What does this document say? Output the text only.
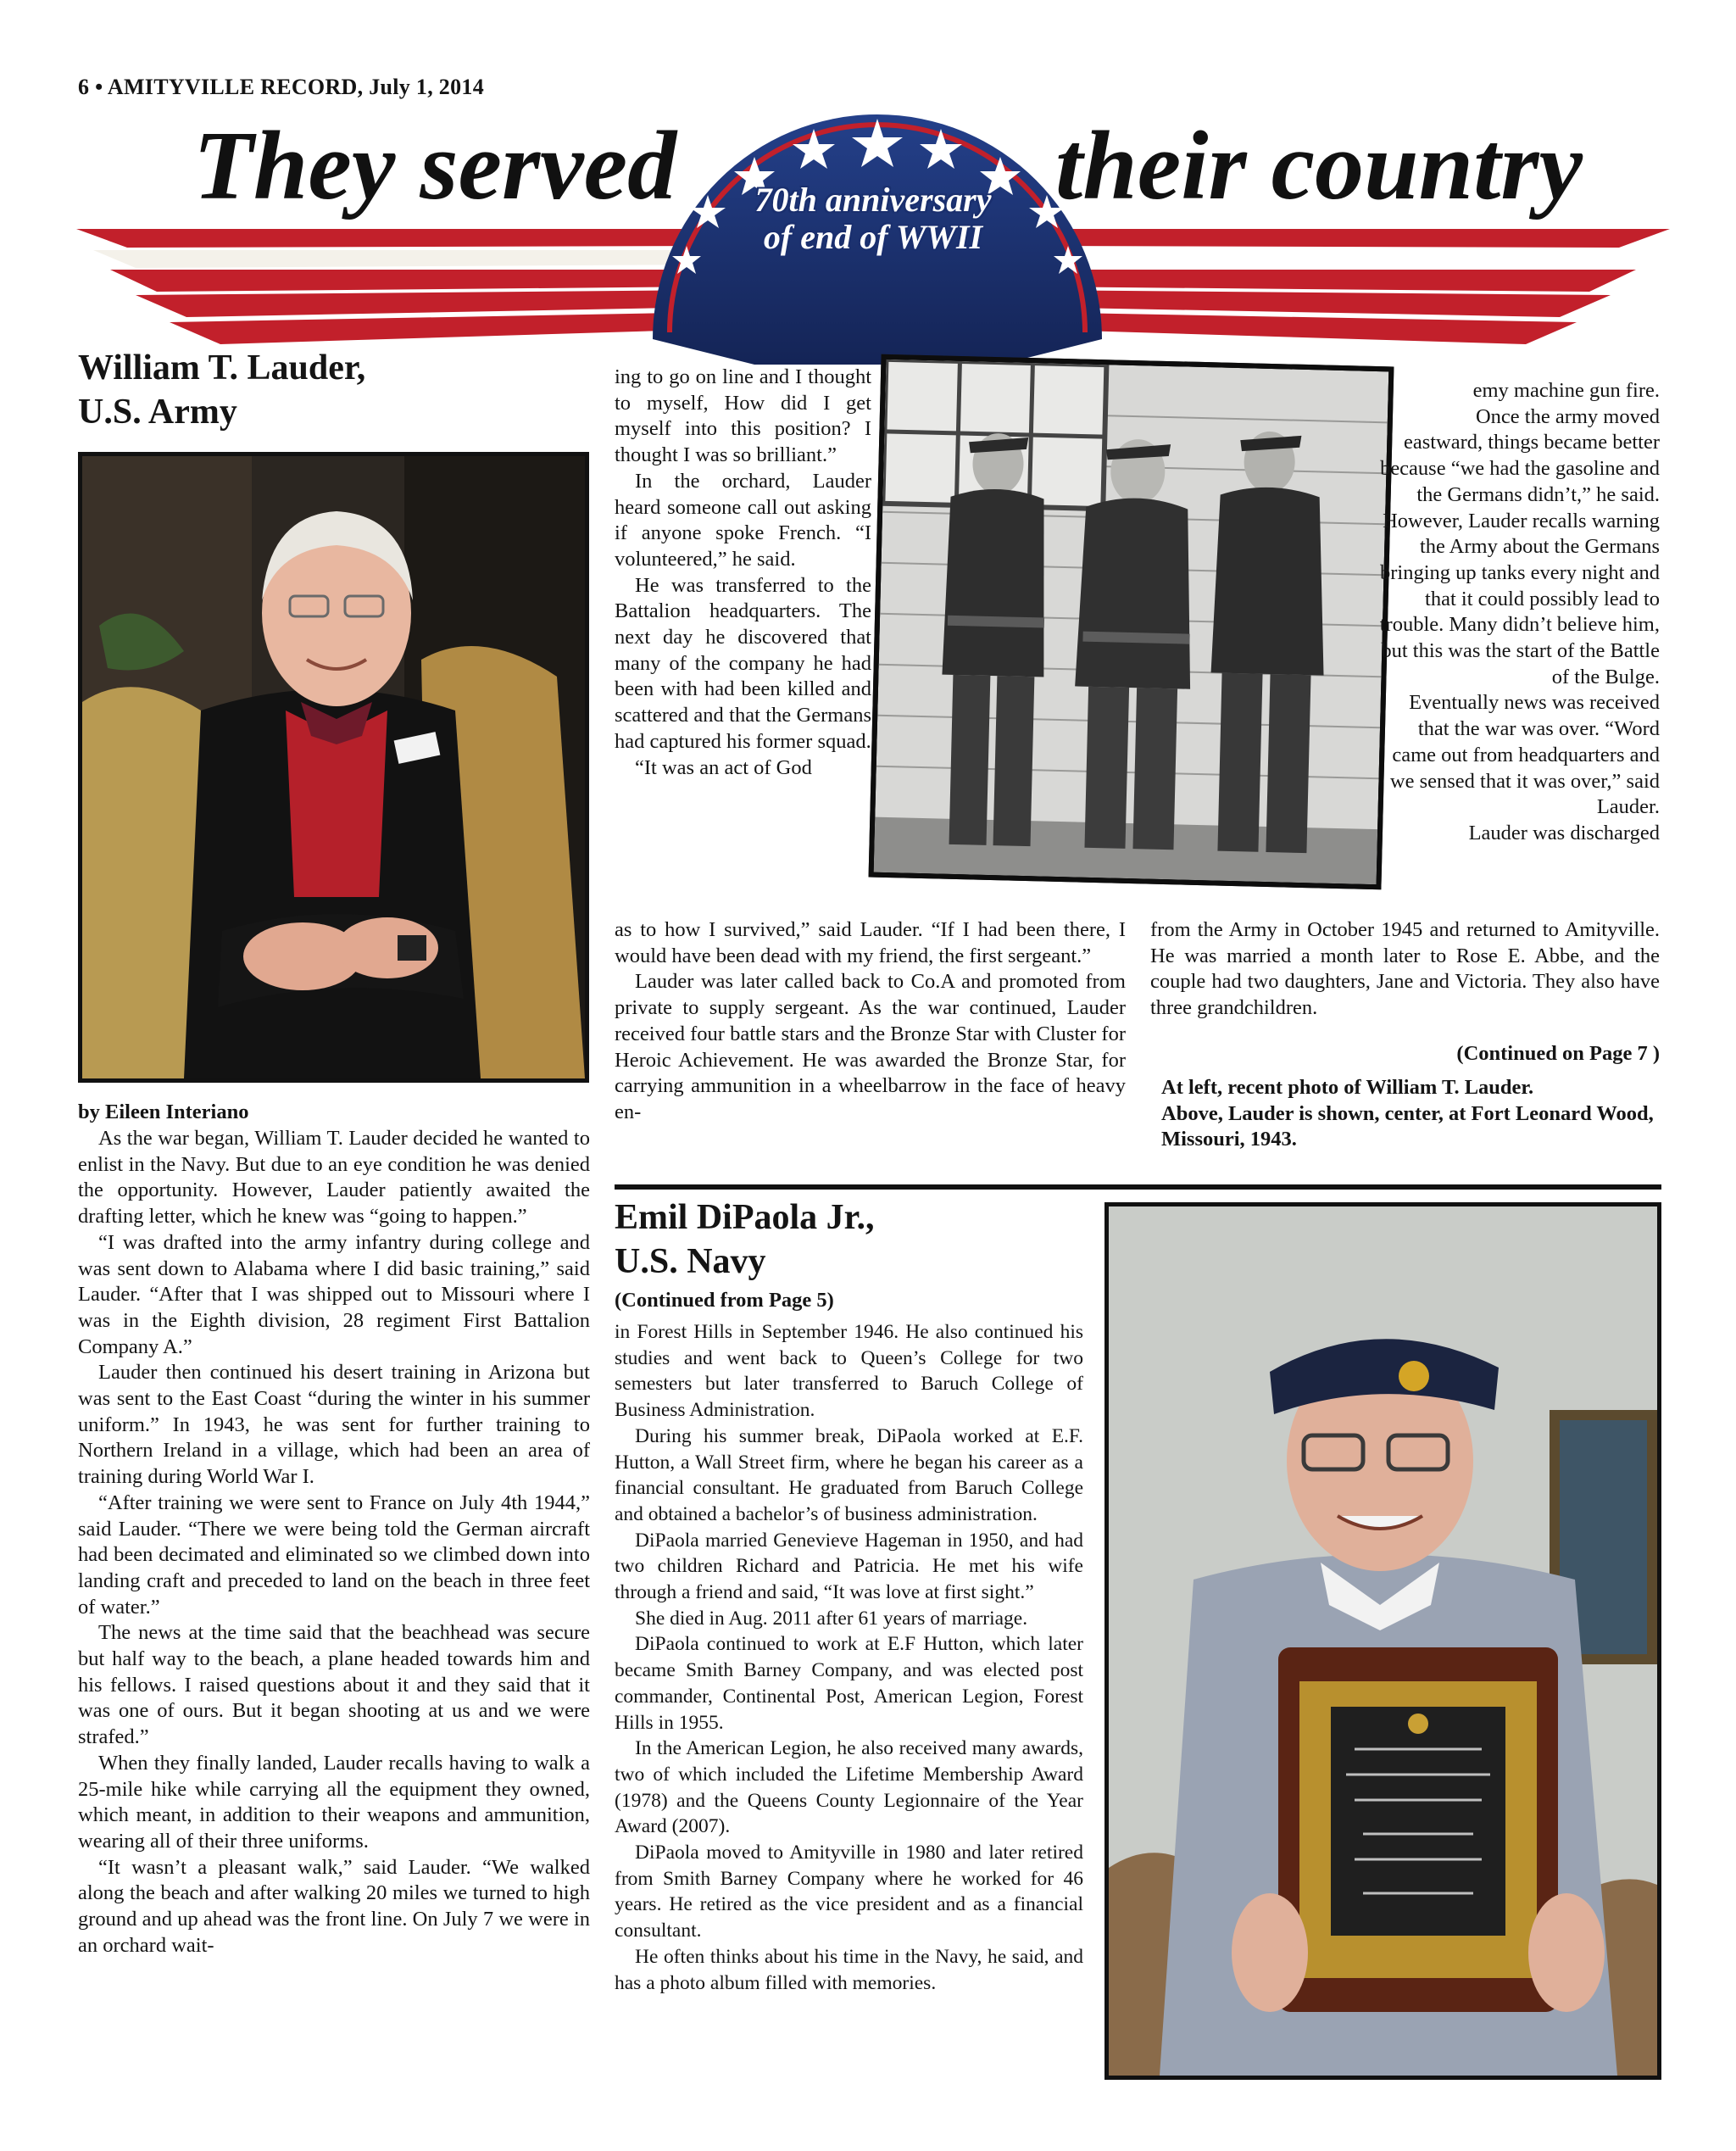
6 • AMITYVILLE RECORD, July 1, 2014
70th anniversary
of end of WWII
They served	their country
William T. Lauder,
U.S. Army
by Eileen Interiano

As the war began, William T. Lauder decided he wanted to enlist in the Navy. But due to an eye condition he was denied the opportunity. However, Lauder patiently awaited the drafting letter, which he knew was “going to happen.”

“I was drafted into the army infantry during college and was sent down to Alabama where I did basic training,” said Lauder. “After that I was shipped out to Missouri where I was in the Eighth division, 28 regiment First Battalion Company A.”

Lauder then continued his desert training in Arizona but was sent to the East Coast “during the winter in his summer uniform.” In 1943, he was sent for further training to Northern Ireland in a village, which had been an area of training during World War I.

“After training we were sent to France on July 4th 1944,” said Lauder. “There we were being told the German aircraft had been decimated and eliminated so we climbed down into landing craft and preceded to land on the beach in three feet of water.”

The news at the time said that the beachhead was secure but half way to the beach, a plane headed towards him and his fellows. I raised questions about it and they said that it was one of ours. But it began shooting at us and we were strafed.”

When they finally landed, Lauder recalls having to walk a 25-mile hike while carrying all the equipment they owned, which meant, in addition to their weapons and ammunition, wearing all of their three uniforms.

“It wasn’t a pleasant walk,” said Lauder. “We walked along the beach and after walking 20 miles we turned to high ground and up ahead was the front line. On July 7 we were in an orchard wait-

ing to go on line and I thought to myself, How did I get myself into this position? I thought I was so brilliant.”

In the orchard, Lauder heard someone call out asking if anyone spoke French. “I volunteered,” he said.

He was transferred to the Battalion headquarters. The next day he discovered that many of the company he had been with had been killed and scattered and that the Germans had captured his former squad.

“It was an act of God

as to how I survived,” said Lauder. “If I had been there, I would have been dead with my friend, the first sergeant.”

Lauder was later called back to Co.A and promoted from private to supply sergeant. As the war continued, Lauder received four battle stars and the Bronze Star with Cluster for Heroic Achievement. He was awarded the Bronze Star, for carrying ammunition in a wheelbarrow in the face of heavy en-

emy machine gun fire.

Once the army moved eastward, things became better because “we had the gasoline and the Germans didn’t,” he said. However, Lauder recalls warning the Army about the Germans bringing up tanks every night and that it could possibly lead to trouble. Many didn’t believe him, but this was the start of the Battle of the Bulge.

Eventually news was received that the war was over. “Word came out from headquarters and we sensed that it was over,” said Lauder.

Lauder was discharged

from the Army in October 1945 and returned to Amityville. He was married a month later to Rose E. Abbe, and the couple had two daughters, Jane and Victoria. They also have three grandchildren.

(Continued on Page 7 )
At left, recent photo of William T. Lauder.
Above, Lauder is shown, center, at Fort Leonard Wood, Missouri, 1943.
Emil DiPaola Jr.,
U.S. Navy
(Continued from Page 5)

in Forest Hills in September 1946. He also continued his studies and went back to Queen’s College for two semesters but later transferred to Baruch College of Business Administration.

During his summer break, DiPaola worked at E.F. Hutton, a Wall Street firm, where he began his career as a financial consultant. He graduated from Baruch College and obtained a bachelor’s of business administration.

DiPaola married Genevieve Hageman in 1950, and had two children Richard and Patricia. He met his wife through a friend and said, “It was love at first sight.”

She died in Aug. 2011 after 61 years of marriage.

DiPaola continued to work at E.F Hutton, which later became Smith Barney Company, and was elected post commander, Continental Post, American Legion, Forest Hills in 1955.

In the American Legion, he also received many awards, two of which included the Lifetime Membership Award (1978) and the Queens County Legionnaire of the Year Award (2007).

DiPaola moved to Amityville in 1980 and later retired from Smith Barney Company where he worked for 46 years. He retired as the vice president and as a financial consultant.

He often thinks about his time in the Navy, he said, and has a photo album filled with memories.
